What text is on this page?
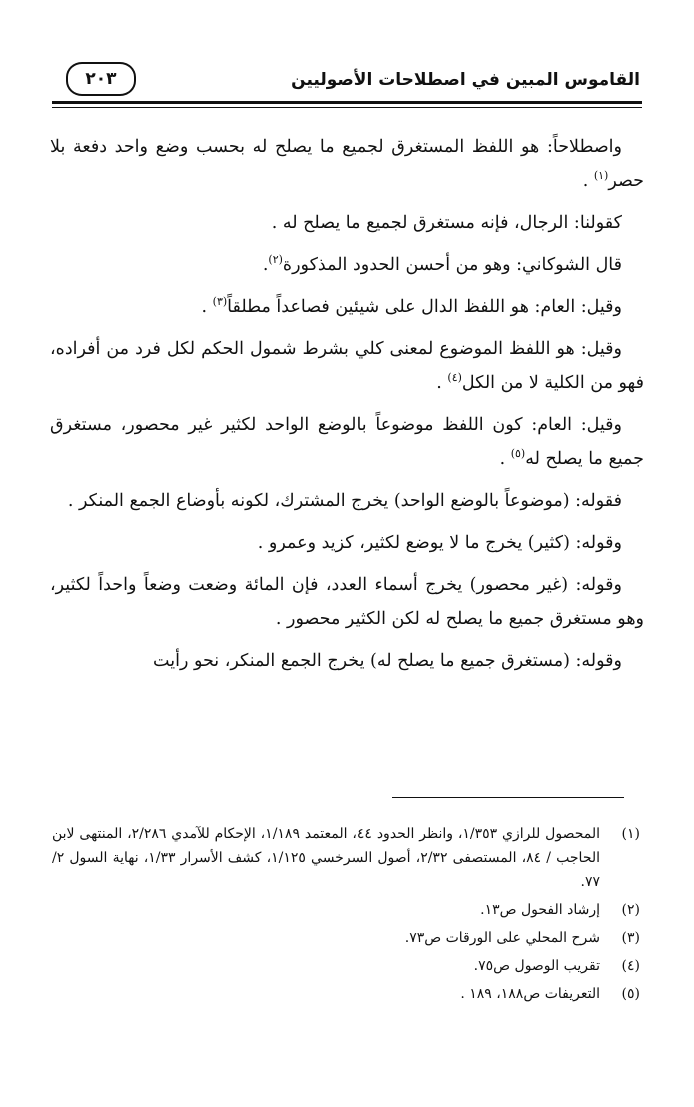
القاموس المبين في اصطلاحات الأصوليين
٢٠٣

واصطلاحاً: هو اللفظ المستغرق لجميع ما يصلح له بحسب وضع واحد دفعة بلا حصر$^{(١)}$ .

كقولنا: الرجال، فإنه مستغرق لجميع ما يصلح له .

قال الشوكاني: وهو من أحسن الحدود المذكورة$^{(٢)}$.

وقيل: العام: هو اللفظ الدال على شيئين فصاعداً مطلقاً$^{(٣)}$ .

وقيل: هو اللفظ الموضوع لمعنى كلي بشرط شمول الحكم لكل فرد من أفراده، فهو من الكلية لا من الكل$^{(٤)}$ .

وقيل: العام: كون اللفظ موضوعاً بالوضع الواحد لكثير غير محصور، مستغرق جميع ما يصلح له$^{(٥)}$ .

فقوله: (موضوعاً بالوضع الواحد) يخرج المشترك، لكونه بأوضاع الجمع المنكر .

وقوله: (كثير) يخرج ما لا يوضع لكثير، كزيد وعمرو .

وقوله: (غير محصور) يخرج أسماء العدد، فإن المائة وضعت وضعاً واحداً لكثير، وهو مستغرق جميع ما يصلح له لكن الكثير محصور .

وقوله: (مستغرق جميع ما يصلح له) يخرج الجمع المنكر، نحو رأيت

(١)
المحصول للرازي ١/٣٥٣، وانظر الحدود ٤٤، المعتمد ١/١٨٩، الإحكام للآمدي ٢/٢٨٦، المنتهى لابن الحاجب / ٨٤، المستصفى ٢/٣٢، أصول السرخسي ١/١٢٥، كشف الأسرار ١/٣٣، نهاية السول ٢/ ٧٧.
(٢)
إرشاد الفحول ص١٣.
(٣)
شرح المحلي على الورقات ص٧٣.
(٤)
تقريب الوصول ص٧٥.
(٥)
التعريفات ص١٨٨، ١٨٩ .
